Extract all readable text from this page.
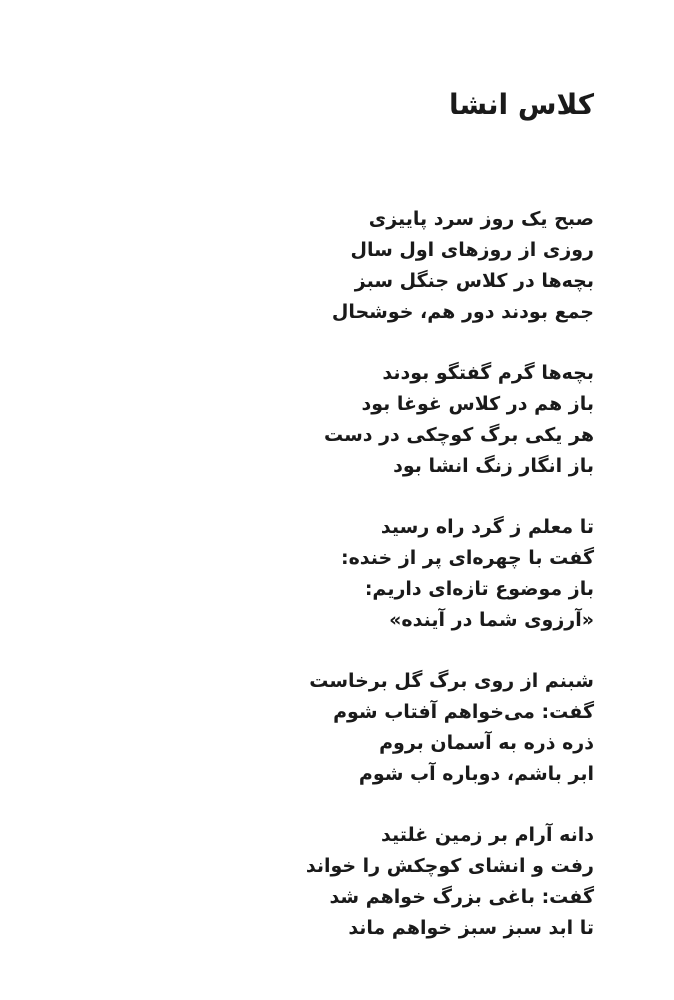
کلاس انشا
صبح یک روز سرد پاییزی
روزی از روزهای اول سال
بچه‌ها در کلاس جنگل سبز
جمع بودند دور هم، خوشحال
بچه‌ها گرم گفتگو بودند
باز هم در کلاس غوغا بود
هر یکی برگ کوچکی در دست
باز انگار زنگ انشا بود
تا معلم ز گرد راه رسید
گفت با چهره‌ای پر از خنده:
باز موضوع تازه‌ای داریم:
«آرزوی شما در آینده»
شبنم از روی برگ گل برخاست
گفت: می‌خواهم آفتاب شوم
ذره ذره به آسمان بروم
ابر باشم، دوباره آب شوم
دانه آرام بر زمین غلتید
رفت و انشای کوچکش را خواند
گفت: باغی بزرگ خواهم شد
تا ابد سبز سبز خواهم ماند
